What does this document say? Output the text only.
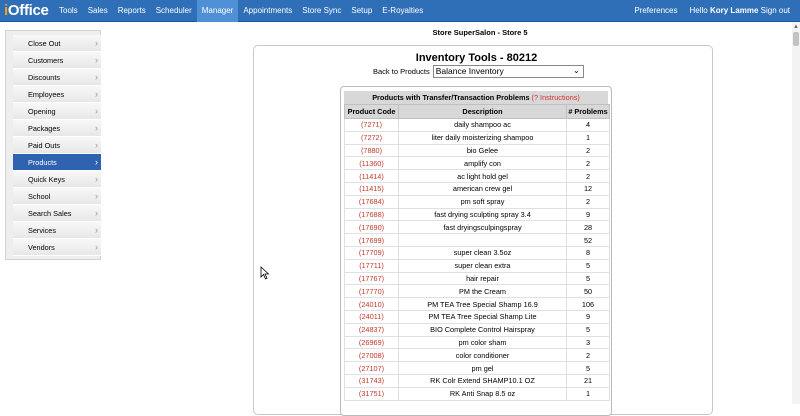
iOffice	Tools	Sales	Reports	Scheduler	Manager	Appointments	Store Sync	Setup	E-Royalties	Preferences	Hello Kory Lamme Sign out
Close Out	›
Customers	›
Discounts	›
Employees	›
Opening	›
Packages	›
Paid Outs	›
Products	›
Quick Keys	›
School	›
Search Sales	›
Services	›
Vendors	›
Store SuperSalon - Store 5
Inventory Tools - 80212
Back to Products Balance Inventory	⌄
Products with Transfer/Transaction Problems (? Instructions)
Product Code	Description	# Problems
(7271)	daily shampoo ac	4
(7272)	liter daily moisterizing shampoo	1
(7880)	bio Gelee	2
(11360)	amplify con	2
(11414)	ac light hold gel	2
(11415)	american crew gel	12
(17684)	pm soft spray	2
(17688)	fast drying sculpting spray 3.4	9
(17690)	fast dryingsculpingspray	28
(17699)		52
(17709)	super clean 3.5oz	8
(17711)	super clean extra	5
(17767)	hair repair	5
(17770)	PM the Cream	50
(24010)	PM TEA Tree Special Shamp 16.9	106
(24011)	PM TEA Tree Special Shamp Lite	9
(24837)	BIO Complete Control Hairspray	5
(26969)	pm color sham	3
(27008)	color conditioner	2
(27107)	pm gel	5
(31743)	RK Colr Extend SHAMP10.1 OZ	21
(31751)	RK Anti Snap 8.5 oz	1
▲
